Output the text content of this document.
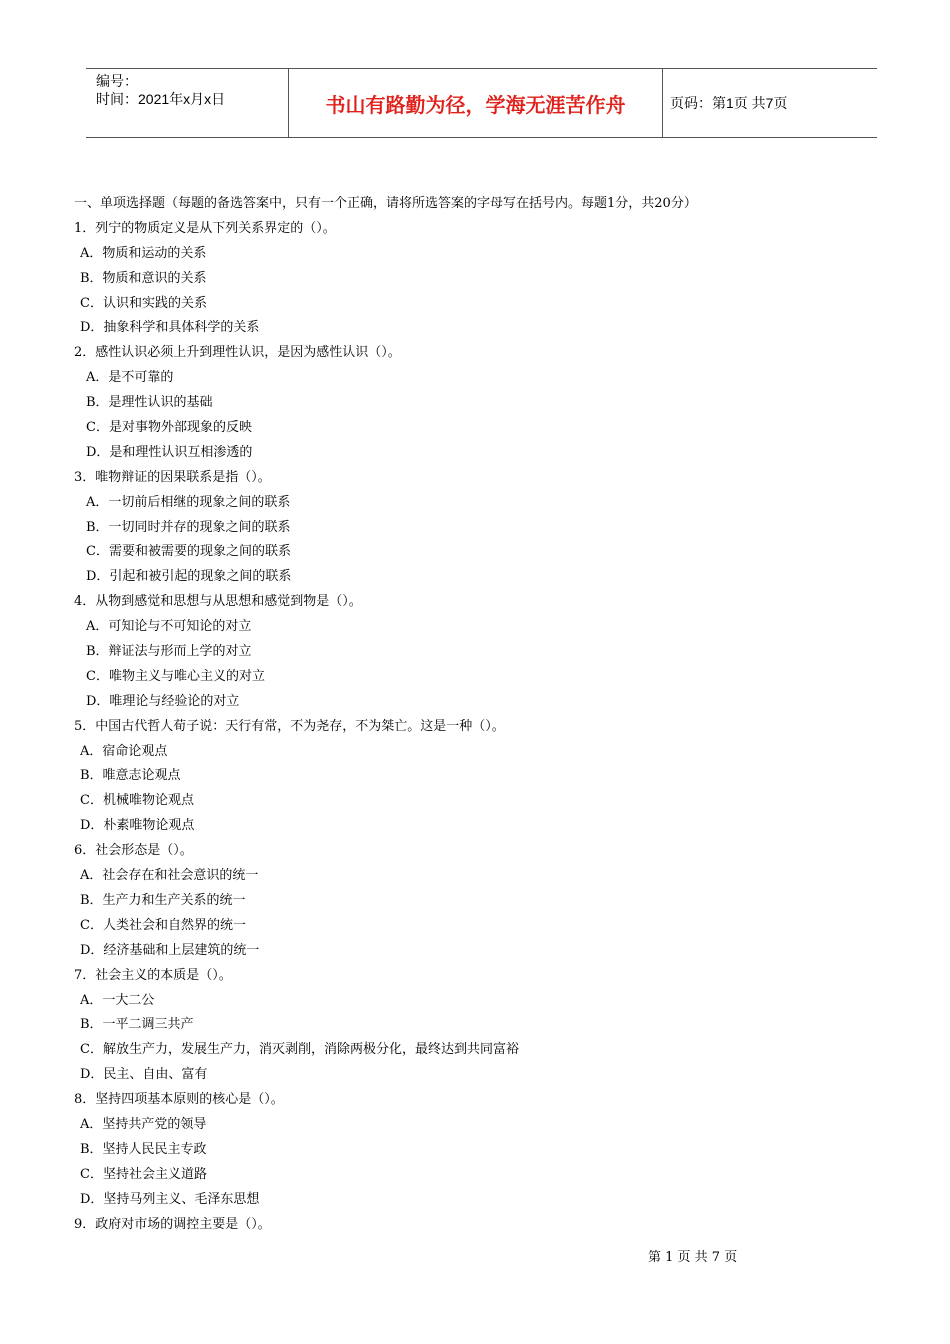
编号：
时间：2021年x月x日	书山有路勤为径，学海无涯苦作舟	页码：第1页 共7页
一、单项选择题（每题的备选答案中，只有一个正确，请将所选答案的字母写在括号内。每题1分，共20分）
1．列宁的物质定义是从下列关系界定的（）。
A．物质和运动的关系
B．物质和意识的关系
C．认识和实践的关系
D．抽象科学和具体科学的关系
2．感性认识必须上升到理性认识，是因为感性认识（）。
A．是不可靠的
B．是理性认识的基础
C．是对事物外部现象的反映
D．是和理性认识互相渗透的
3．唯物辩证的因果联系是指（）。
A．一切前后相继的现象之间的联系
B．一切同时并存的现象之间的联系
C．需要和被需要的现象之间的联系
D．引起和被引起的现象之间的联系
4．从物到感觉和思想与从思想和感觉到物是（）。
A．可知论与不可知论的对立
B．辩证法与形而上学的对立
C．唯物主义与唯心主义的对立
D．唯理论与经验论的对立
5．中国古代哲人荀子说：天行有常，不为尧存，不为桀亡。这是一种（）。
A．宿命论观点
B．唯意志论观点
C．机械唯物论观点
D．朴素唯物论观点
6．社会形态是（）。
A．社会存在和社会意识的统一
B．生产力和生产关系的统一
C．人类社会和自然界的统一
D．经济基础和上层建筑的统一
7．社会主义的本质是（）。
A．一大二公
B．一平二调三共产
C．解放生产力，发展生产力，消灭剥削，消除两极分化，最终达到共同富裕
D．民主、自由、富有
8．坚持四项基本原则的核心是（）。
A．坚持共产党的领导
B．坚持人民民主专政
C．坚持社会主义道路
D．坚持马列主义、毛泽东思想
9．政府对市场的调控主要是（）。
第 1 页 共 7 页
